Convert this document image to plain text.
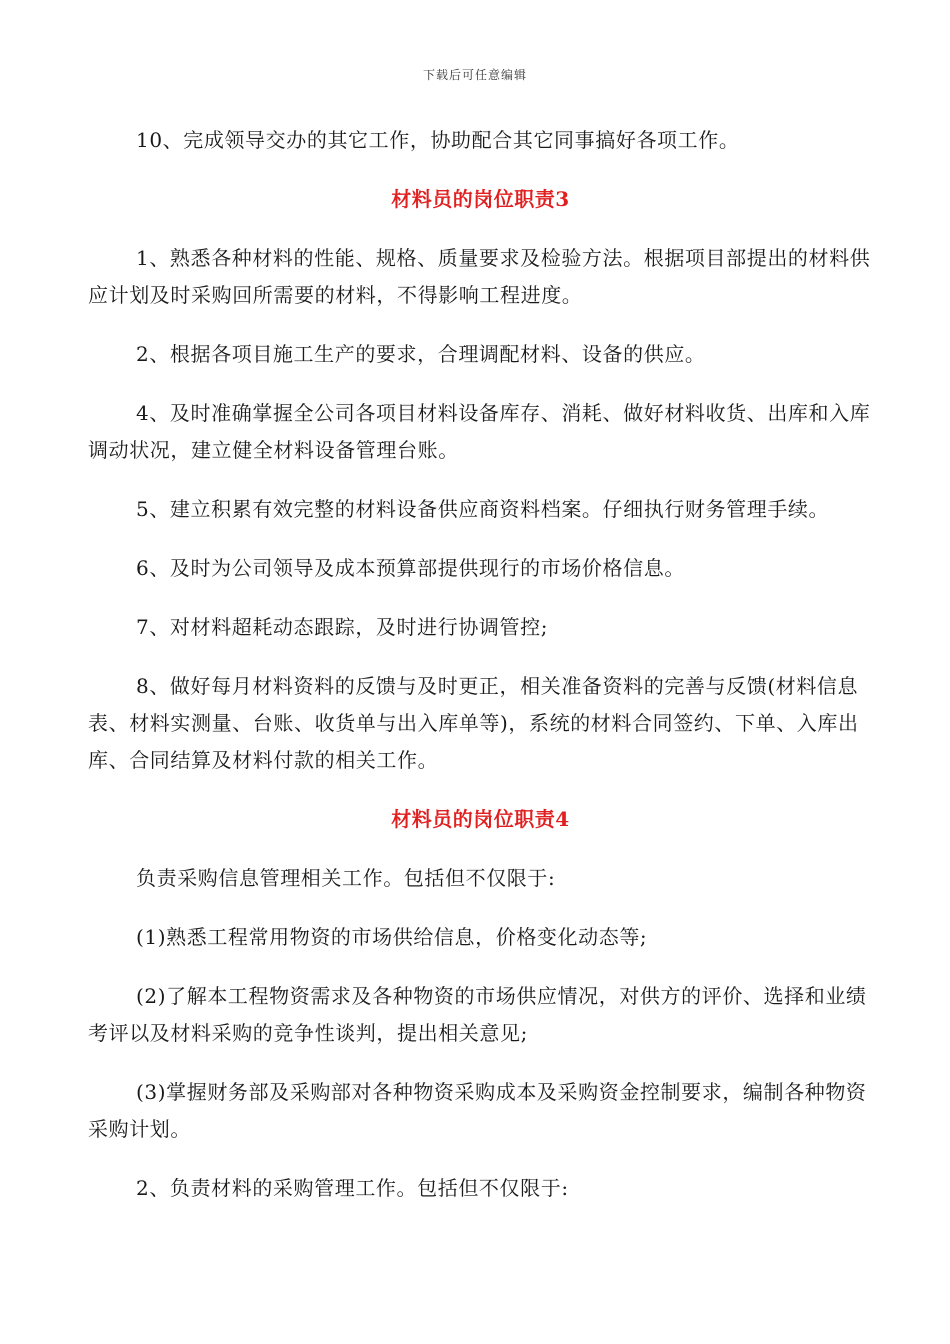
下载后可任意编辑

10、完成领导交办的其它工作，协助配合其它同事搞好各项工作。

材料员的岗位职责3

1、熟悉各种材料的性能、规格、质量要求及检验方法。根据项目部提出的材料供应计划及时采购回所需要的材料，不得影响工程进度。

2、根据各项目施工生产的要求，合理调配材料、设备的供应。

4、及时准确掌握全公司各项目材料设备库存、消耗、做好材料收货、出库和入库调动状况，建立健全材料设备管理台账。

5、建立积累有效完整的材料设备供应商资料档案。仔细执行财务管理手续。

6、及时为公司领导及成本预算部提供现行的市场价格信息。

7、对材料超耗动态跟踪，及时进行协调管控;

8、做好每月材料资料的反馈与及时更正，相关准备资料的完善与反馈(材料信息表、材料实测量、台账、收货单与出入库单等)，系统的材料合同签约、下单、入库出库、合同结算及材料付款的相关工作。

材料员的岗位职责4

负责采购信息管理相关工作。包括但不仅限于:

(1)熟悉工程常用物资的市场供给信息，价格变化动态等;

(2)了解本工程物资需求及各种物资的市场供应情况，对供方的评价、选择和业绩考评以及材料采购的竞争性谈判，提出相关意见;

(3)掌握财务部及采购部对各种物资采购成本及采购资金控制要求，编制各种物资采购计划。

2、负责材料的采购管理工作。包括但不仅限于:
